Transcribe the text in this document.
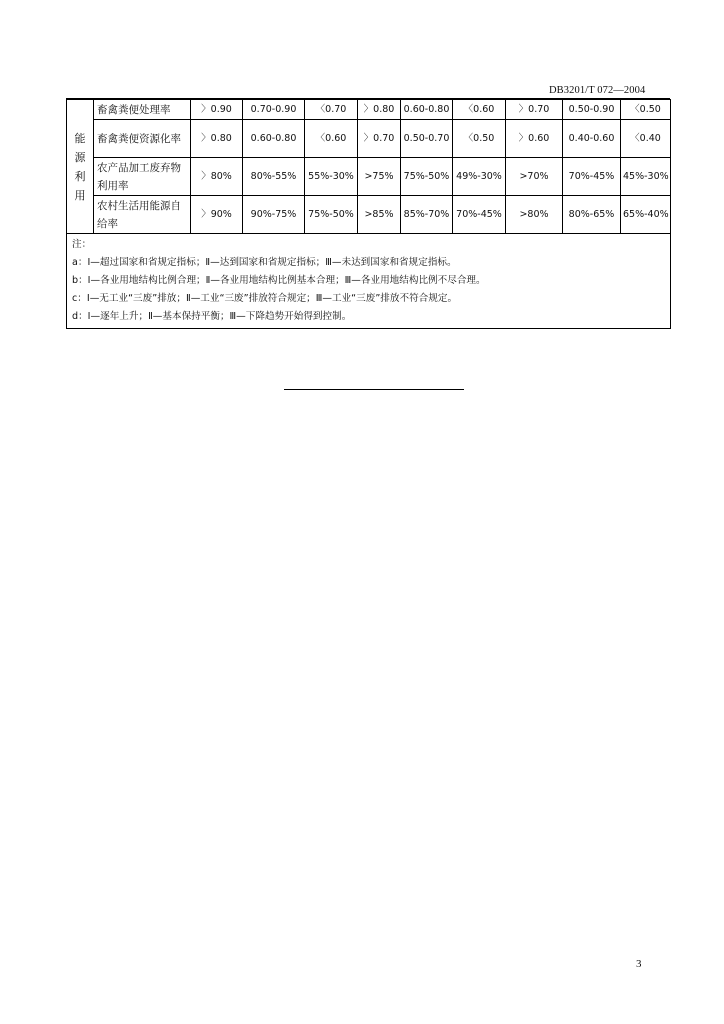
DB3201/T 072—2004
能
源
利
用	畜禽粪便处理率	〉0.90	0.70-0.90	〈0.70	〉0.80	0.60-0.80	〈0.60	〉0.70	0.50-0.90	〈0.50
	畜禽粪便资源化率	〉0.80	0.60-0.80	〈0.60	〉0.70	0.50-0.70	〈0.50	〉0.60	0.40-0.60	〈0.40
	农产品加工废弃物利用率	〉80%	80%-55%	55%-30%	>75%	75%-50%	49%-30%	>70%	70%-45%	45%-30%
	农村生活用能源自给率	〉90%	90%-75%	75%-50%	>85%	85%-70%	70%-45%	>80%	80%-65%	65%-40%

注：
a：Ⅰ—超过国家和省规定指标；Ⅱ—达到国家和省规定指标；Ⅲ—未达到国家和省规定指标。
b：Ⅰ—各业用地结构比例合理；Ⅱ—各业用地结构比例基本合理；Ⅲ—各业用地结构比例不尽合理。
c：Ⅰ—无工业“三废”排放；Ⅱ—工业“三废”排放符合规定；Ⅲ—工业“三废”排放不符合规定。
d：Ⅰ—逐年上升；Ⅱ—基本保持平衡；Ⅲ—下降趋势开始得到控制。										
3
